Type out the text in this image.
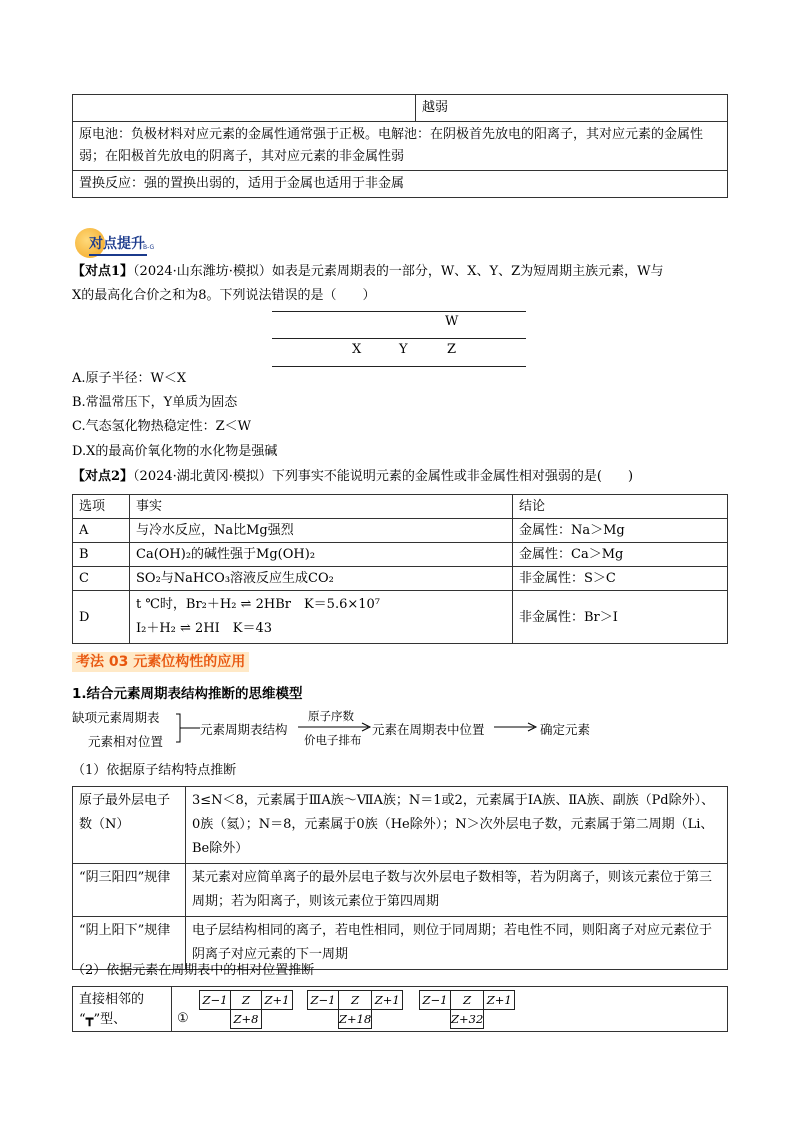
	越弱
原电池：负极材料对应元素的金属性通常强于正极。电解池：在阴极首先放电的阳离子，其对应元素的金属性弱；在阳极首先放电的阴离子，其对应元素的非金属性弱
置换反应：强的置换出弱的，适用于金属也适用于非金属
对点提升
B-G
【对点1】（2024·山东潍坊·模拟）如表是元素周期表的一部分，W、X、Y、Z为短周期主族元素，W与
X的最高化合价之和为8。下列说法错误的是（　　）
W
X	Y	Z
A.原子半径：W＜X
B.常温常压下，Y单质为固态
C.气态氢化物热稳定性：Z＜W
D.X的最高价氧化物的水化物是强碱
【对点2】（2024·湖北黄冈·模拟）下列事实不能说明元素的金属性或非金属性相对强弱的是(　　)
选项	事实	结论
A	与冷水反应，Na比Mg强烈	金属性：Na＞Mg
B	Ca(OH)₂的碱性强于Mg(OH)₂	金属性：Ca＞Mg
C	SO₂与NaHCO₃溶液反应生成CO₂	非金属性：S＞C
D	t ℃时，Br₂＋H₂ ⇌ 2HBr　K＝5.6×10⁷
I₂＋H₂ ⇌ 2HI　K＝43	非金属性：Br＞I
考法 03 元素位构性的应用
1.结合元素周期表结构推断的思维模型
缺项元素周期表
元素相对位置
元素周期表结构
原子序数
价电子排布
元素在周期表中位置	确定元素
（1）依据原子结构特点推断
原子最外层电子数（N）	3≤N＜8，元素属于ⅢA族～ⅦA族；N＝1或2，元素属于ⅠA族、ⅡA族、副族（Pd除外）、0族（氦）；N＝8，元素属于0族（He除外）；N＞次外层电子数，元素属于第二周期（Li、Be除外）
“阴三阳四”规律	某元素对应简单离子的最外层电子数与次外层电子数相等，若为阴离子，则该元素位于第三周期；若为阳离子，则该元素位于第四周期
“阴上阳下”规律	电子层结构相同的离子，若电性相同，则位于同周期；若电性不同，则阳离子对应元素位于阴离子对应元素的下一周期
（2）依据元素在周期表中的相对位置推断
直接相邻的
“┳”型、	①
Z−1	Z	Z+1
	Z+8	
Z−1	Z	Z+1
	Z+18	
Z−1	Z	Z+1
	Z+32	
